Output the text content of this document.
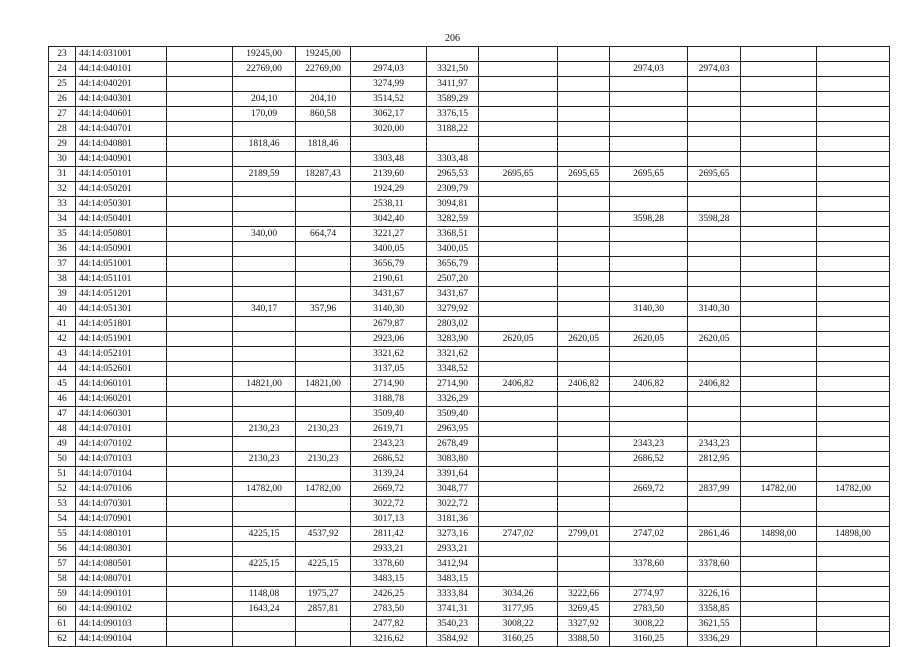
206
23	44:14:031001		19245,00	19245,00								
24	44:14:040101		22769,00	22769,00	2974,03	3321,50			2974,03	2974,03		
25	44:14:040201				3274,99	3411,97						
26	44:14:040301		204,10	204,10	3514,52	3589,29						
27	44:14:040601		170,09	860,58	3062,17	3376,15						
28	44:14:040701				3020,00	3188,22						
29	44:14:040801		1818,46	1818,46								
30	44:14:040901				3303,48	3303,48						
31	44:14:050101		2189,59	18287,43	2139,60	2965,53	2695,65	2695,65	2695,65	2695,65		
32	44:14:050201				1924,29	2309,79						
33	44:14:050301				2538,11	3094,81						
34	44:14:050401				3042,40	3282,59			3598,28	3598,28		
35	44:14:050801		340,00	664,74	3221,27	3368,51						
36	44:14:050901				3400,05	3400,05						
37	44:14:051001				3656,79	3656,79						
38	44:14:051101				2190,61	2507,20						
39	44:14:051201				3431,67	3431,67						
40	44:14:051301		340,17	357,96	3140,30	3279,92			3140,30	3140,30		
41	44:14:051801				2679,87	2803,02						
42	44:14:051901				2923,06	3283,90	2620,05	2620,05	2620,05	2620,05		
43	44:14:052101				3321,62	3321,62						
44	44:14:052601				3137,05	3348,52						
45	44:14:060101		14821,00	14821,00	2714,90	2714,90	2406,82	2406,82	2406,82	2406,82		
46	44:14:060201				3188,78	3326,29						
47	44:14:060301				3509,40	3509,40						
48	44:14:070101		2130,23	2130,23	2619,71	2963,95						
49	44:14:070102				2343,23	2678,49			2343,23	2343,23		
50	44:14:070103		2130,23	2130,23	2686,52	3083,80			2686,52	2812,95		
51	44:14:070104				3139,24	3391,64						
52	44:14:070106		14782,00	14782,00	2669,72	3048,77			2669,72	2837,99	14782,00	14782,00
53	44:14:070301				3022,72	3022,72						
54	44:14:070901				3017,13	3181,36						
55	44:14:080101		4225,15	4537,92	2811,42	3273,16	2747,02	2799,01	2747,02	2861,46	14898,00	14898,00
56	44:14:080301				2933,21	2933,21						
57	44:14:080501		4225,15	4225,15	3378,60	3412,94			3378,60	3378,60		
58	44:14:080701				3483,15	3483,15						
59	44:14:090101		1148,08	1975,27	2426,25	3333,84	3034,26	3222,66	2774,97	3226,16		
60	44:14:090102		1643,24	2857,81	2783,50	3741,31	3177,95	3269,45	2783,50	3358,85		
61	44:14:090103				2477,82	3540,23	3008,22	3327,92	3008,22	3621,55		
62	44:14:090104				3216,62	3584,92	3160,25	3388,50	3160,25	3336,29		
